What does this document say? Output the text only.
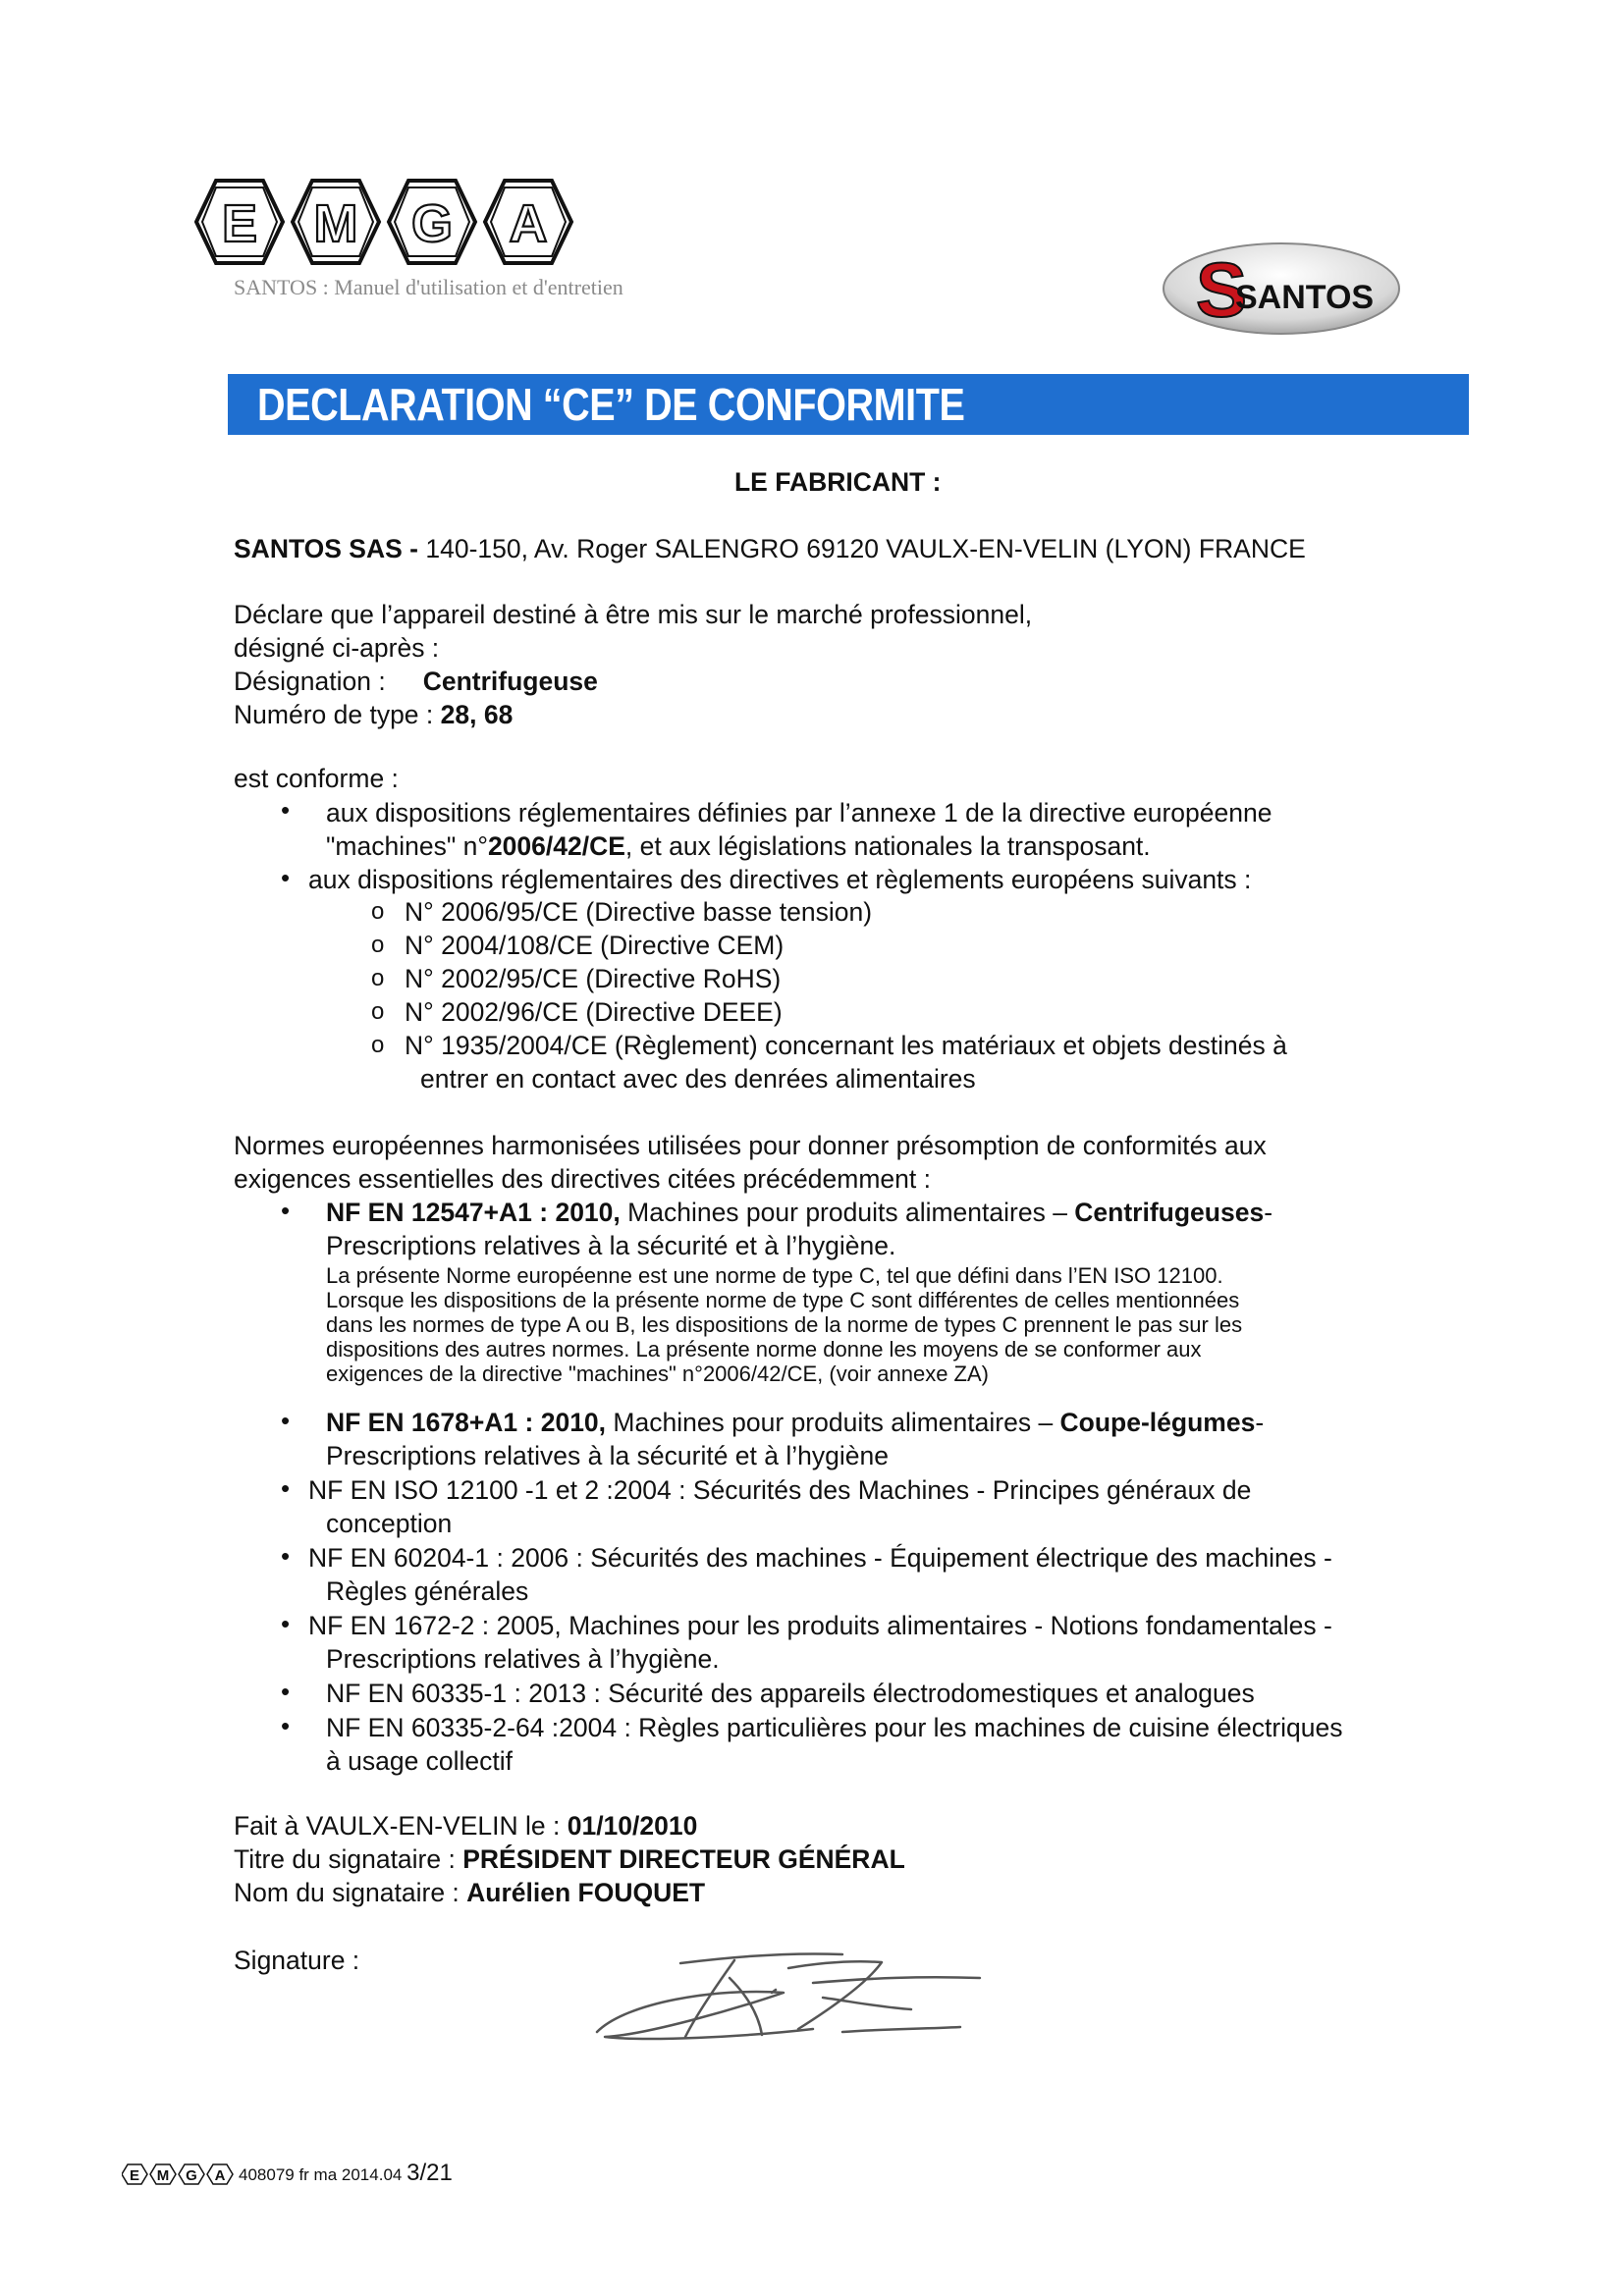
E M G A
SANTOS : Manuel d'utilisation et d'entretien	S
SANTOS
DECLARATION “CE” DE CONFORMITE
LE FABRICANT :
SANTOS SAS - 140-150, Av. Roger SALENGRO 69120 VAULX-EN-VELIN (LYON) FRANCE
Déclare que l’appareil destiné à être mis sur le marché professionnel,
désigné ci-après :
Désignation : Centrifugeuse
Numéro de type : 28, 68
est conforme :
• aux dispositions réglementaires définies par l’annexe 1 de la directive européenne
"machines" n°2006/42/CE, et aux législations nationales la transposant.
• aux dispositions réglementaires des directives et règlements européens suivants :
o N° 2006/95/CE (Directive basse tension)
o N° 2004/108/CE (Directive CEM)
o N° 2002/95/CE (Directive RoHS)
o N° 2002/96/CE (Directive DEEE)
o N° 1935/2004/CE (Règlement) concernant les matériaux et objets destinés à
entrer en contact avec des denrées alimentaires
Normes européennes harmonisées utilisées pour donner présomption de conformités aux
exigences essentielles des directives citées précédemment :
• NF EN 12547+A1 : 2010, Machines pour produits alimentaires – Centrifugeuses-
Prescriptions relatives à la sécurité et à l’hygiène.
La présente Norme européenne est une norme de type C, tel que défini dans l’EN ISO 12100.
Lorsque les dispositions de la présente norme de type C sont différentes de celles mentionnées
dans les normes de type A ou B, les dispositions de la norme de types C prennent le pas sur les
dispositions des autres normes. La présente norme donne les moyens de se conformer aux
exigences de la directive "machines" n°2006/42/CE, (voir annexe ZA)
• NF EN 1678+A1 : 2010, Machines pour produits alimentaires – Coupe-légumes-
Prescriptions relatives à la sécurité et à l’hygiène
• NF EN ISO 12100 -1 et 2 :2004 : Sécurités des Machines - Principes généraux de
conception
• NF EN 60204-1 : 2006 : Sécurités des machines - Équipement électrique des machines -
Règles générales
• NF EN 1672-2 : 2005, Machines pour les produits alimentaires - Notions fondamentales -
Prescriptions relatives à l’hygiène.
• NF EN 60335-1 : 2013 : Sécurité des appareils électrodomestiques et analogues
• NF EN 60335-2-64 :2004 : Règles particulières pour les machines de cuisine électriques
à usage collectif
Fait à VAULX-EN-VELIN le : 01/10/2010
Titre du signataire : PRÉSIDENT DIRECTEUR GÉNÉRAL
Nom du signataire : Aurélien FOUQUET
Signature :
E M G A 408079 fr ma 2014.04 3/21
